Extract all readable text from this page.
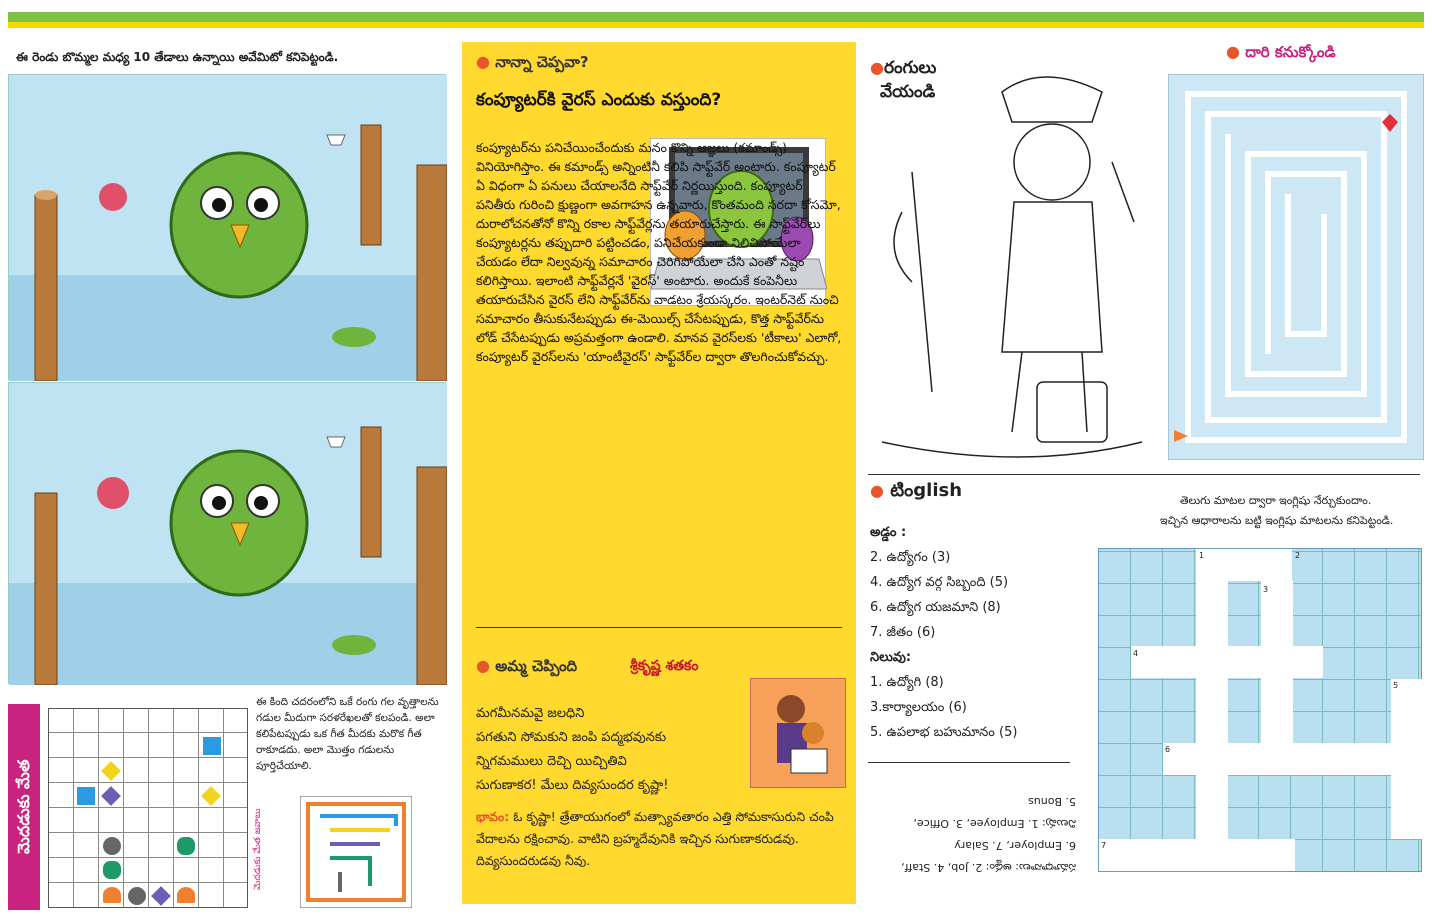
ఈ రెండు బొమ్మల మధ్య 10 తేడాలు ఉన్నాయి అవేమిటో కనిపెట్టండి.
మెదడుకు మేత
ఈ కింది చదరంలోని ఒకే రంగు గల వృత్తాలను గడుల మీదుగా సరళరేఖలతో కలపండి. అలా కలిపేటప్పుడు ఒక గీత మీదకు మరొక గీత రాకూడదు. అలా మొత్తం గడులను పూర్తిచేయాలి.
మెదడుకు మేత జవాబు
● నాన్నా చెప్పవా?
కంప్యూటర్‌కి వైరస్ ఎందుకు వస్తుంది?
కంప్యూటర్‌ను పనిచేయించేందుకు మనం కొన్ని ఆజ్ఞలు (కమాండ్స్) వినియోగిస్తాం. ఈ కమాండ్స్ అన్నింటినీ కలిపి సాఫ్ట్‌వేర్ అంటారు. కంప్యూటర్ ఏ విధంగా ఏ పనులు చేయాలనేది సాఫ్ట్‌వేర్ నిర్ణయిస్తుంది. కంప్యూటర్ పనితీరు గురించి క్షుణ్ణంగా అవగాహన ఉన్నవారు, కొంతమంది సరదా కోసమో, దురాలోచనతోనో కొన్ని రకాల సాఫ్ట్‌వేర్లను తయారుచేస్తారు. ఈ సాఫ్ట్‌వేర్‌లు కంప్యూటర్లను తప్పుదారి పట్టించడం, పనిచేయకుండా నిలిచిపోయేలా చేయడం లేదా నిల్వవున్న సమాచారం చెరిగిపోయేలా చేసి ఎంతో నష్టం కలిగిస్తాయి. ఇలాంటి సాఫ్ట్‌వేర్లనే 'వైరస్' అంటారు. అందుకే కంపెనీలు తయారుచేసిన వైరస్ లేని సాఫ్ట్‌వేర్‌ను వాడటం శ్రేయస్కరం. ఇంటర్‌నెట్ నుంచి సమాచారం తీసుకునేటప్పుడు ఈ-మెయిల్స్ చేసేటప్పుడు, కొత్త సాఫ్ట్‌వేర్‌ను లోడ్ చేసేటప్పుడు అప్రమత్తంగా ఉండాలి. మానవ వైరస్‌లకు 'టీకాలు' ఎలాగో, కంప్యూటర్ వైరస్‌లను 'యాంటీవైరస్' సాఫ్ట్‌వేర్‌ల ద్వారా తొలగించుకోవచ్చు.
● అమ్మ చెప్పింది	శ్రీకృష్ణ శతకం
మగమీనమవై జలధిని
పగతుని సోమకుని జంపి పద్మభవునకు
న్నిగమములు దెచ్చి యిచ్చితివి
సుగుణాకర! మేలు దివ్యసుందర కృష్ణా!
భావం: ఓ కృష్ణా! త్రేతాయుగంలో మత్స్యావతారం ఎత్తి సోమకాసురుని చంపి వేదాలను రక్షించావు. వాటిని బ్రహ్మదేవునికి ఇచ్చిన సుగుణాకరుడవు. దివ్యసుందరుడవు నీవు.
●రంగులు
వేయండి
● దారి కనుక్కోండి
● టింglish	తెలుగు మాటల ద్వారా ఇంగ్లిషు నేర్చుకుందాం.
ఇచ్చిన ఆధారాలను బట్టి ఇంగ్లిషు మాటలను కనిపెట్టండి.
అడ్డం :
2. ఉద్యోగం (3)
4. ఉద్యోగ వర్గ సిబ్బంది (5)
6. ఉద్యోగ యజమాని (8)
7. జీతం (6)
నిలువు:
1. ఉద్యోగి (8)
3.కార్యాలయం (6)
5. ఉపలాభ బహుమానం (5)
సమాధానాలు: అడ్డం: 2. Job, 4. Staff,
6. Employer, 7. Salary
నిలువు: 1. Employee, 3. Office,
5. Bonus
1	2
3
4
5
6
7
